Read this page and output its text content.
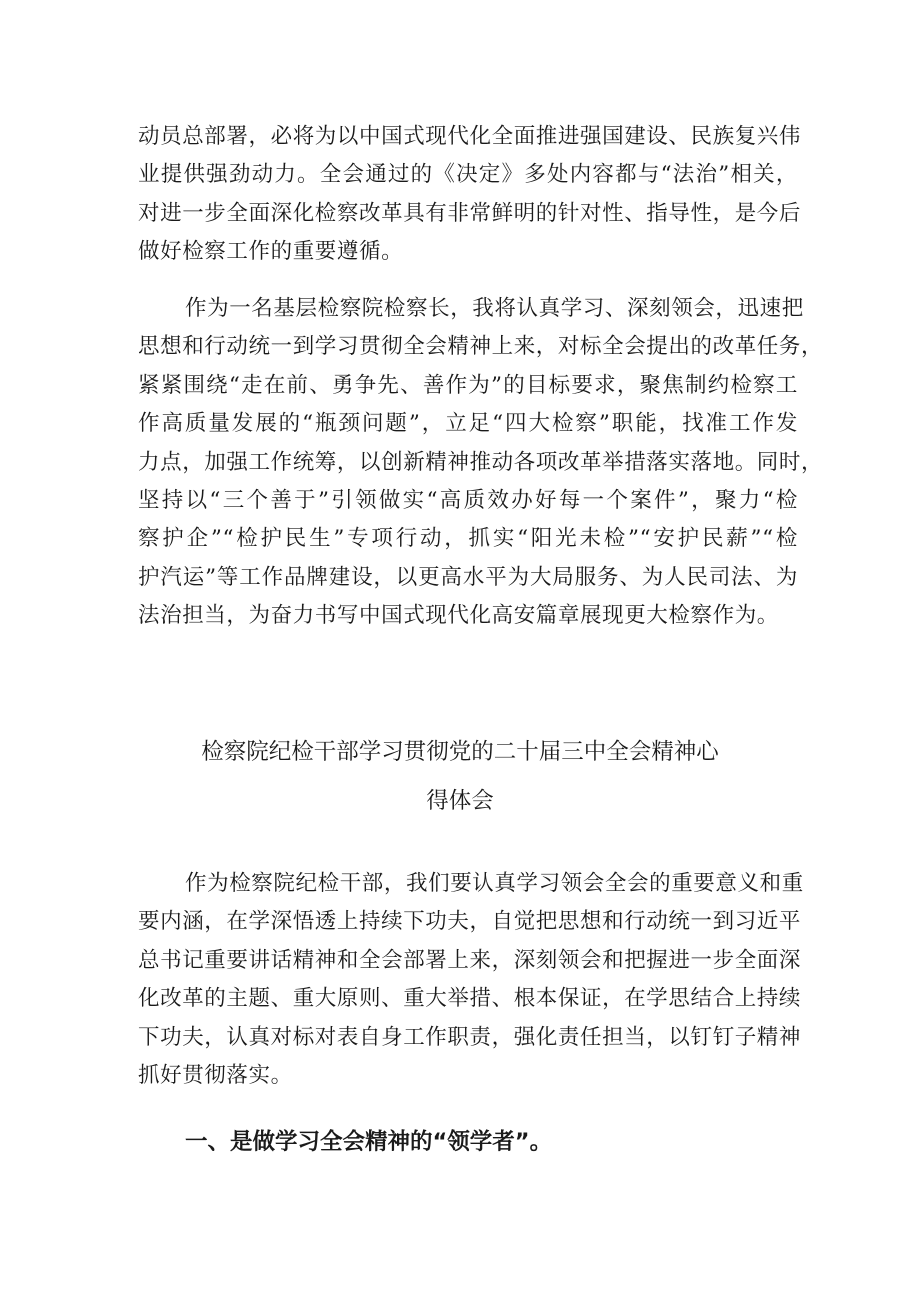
动员总部署，必将为以中国式现代化全面推进强国建设、民族复兴伟
业提供强劲动力。全会通过的《决定》多处内容都与“法治”相关，
对进一步全面深化检察改革具有非常鲜明的针对性、指导性，是今后
做好检察工作的重要遵循。
作为一名基层检察院检察长，我将认真学习、深刻领会，迅速把
思想和行动统一到学习贯彻全会精神上来，对标全会提出的改革任务，
紧紧围绕“走在前、勇争先、善作为”的目标要求，聚焦制约检察工
作高质量发展的“瓶颈问题”，立足“四大检察”职能，找准工作发
力点，加强工作统筹，以创新精神推动各项改革举措落实落地。同时，
坚持以“三个善于”引领做实“高质效办好每一个案件”，聚力“检
察护企”“检护民生”专项行动，抓实“阳光未检”“安护民薪”“检
护汽运”等工作品牌建设，以更高水平为大局服务、为人民司法、为
法治担当，为奋力书写中国式现代化高安篇章展现更大检察作为。
检察院纪检干部学习贯彻党的二十届三中全会精神心
得体会
作为检察院纪检干部，我们要认真学习领会全会的重要意义和重
要内涵，在学深悟透上持续下功夫，自觉把思想和行动统一到习近平
总书记重要讲话精神和全会部署上来，深刻领会和把握进一步全面深
化改革的主题、重大原则、重大举措、根本保证，在学思结合上持续
下功夫，认真对标对表自身工作职责，强化责任担当，以钉钉子精神
抓好贯彻落实。
一、是做学习全会精神的“领学者”。
